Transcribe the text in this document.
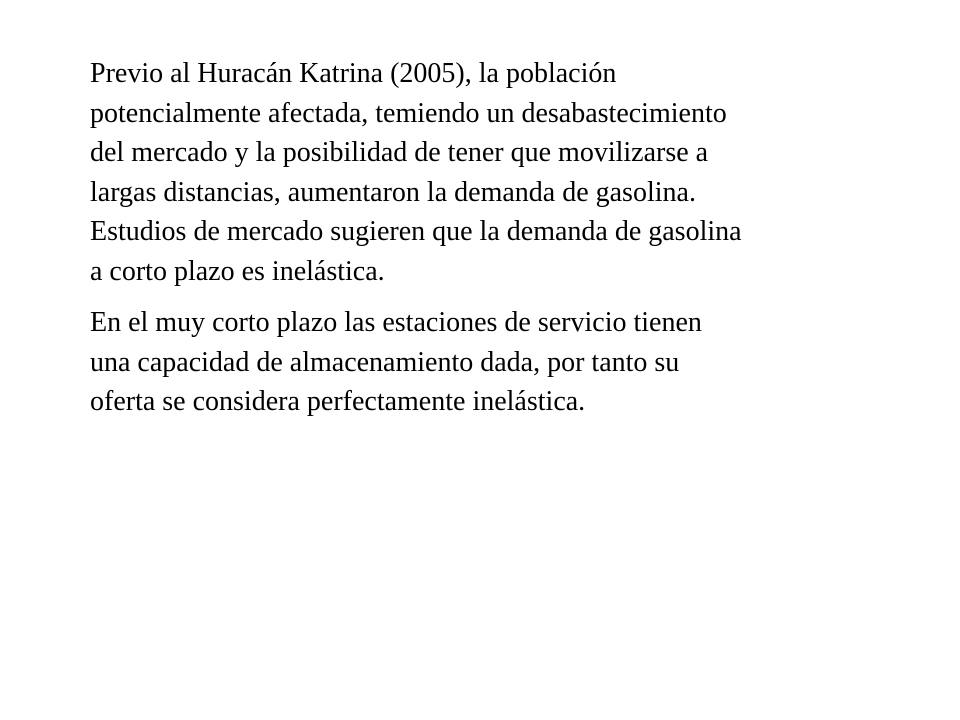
Previo al Huracán Katrina (2005), la población
potencialmente afectada, temiendo un desabastecimiento
del mercado y la posibilidad de tener que movilizarse a
largas distancias, aumentaron la demanda de gasolina.
Estudios de mercado sugieren que la demanda de gasolina
a corto plazo es inelástica.

En el muy corto plazo las estaciones de servicio tienen
una capacidad de almacenamiento dada, por tanto su
oferta se considera perfectamente inelástica.
